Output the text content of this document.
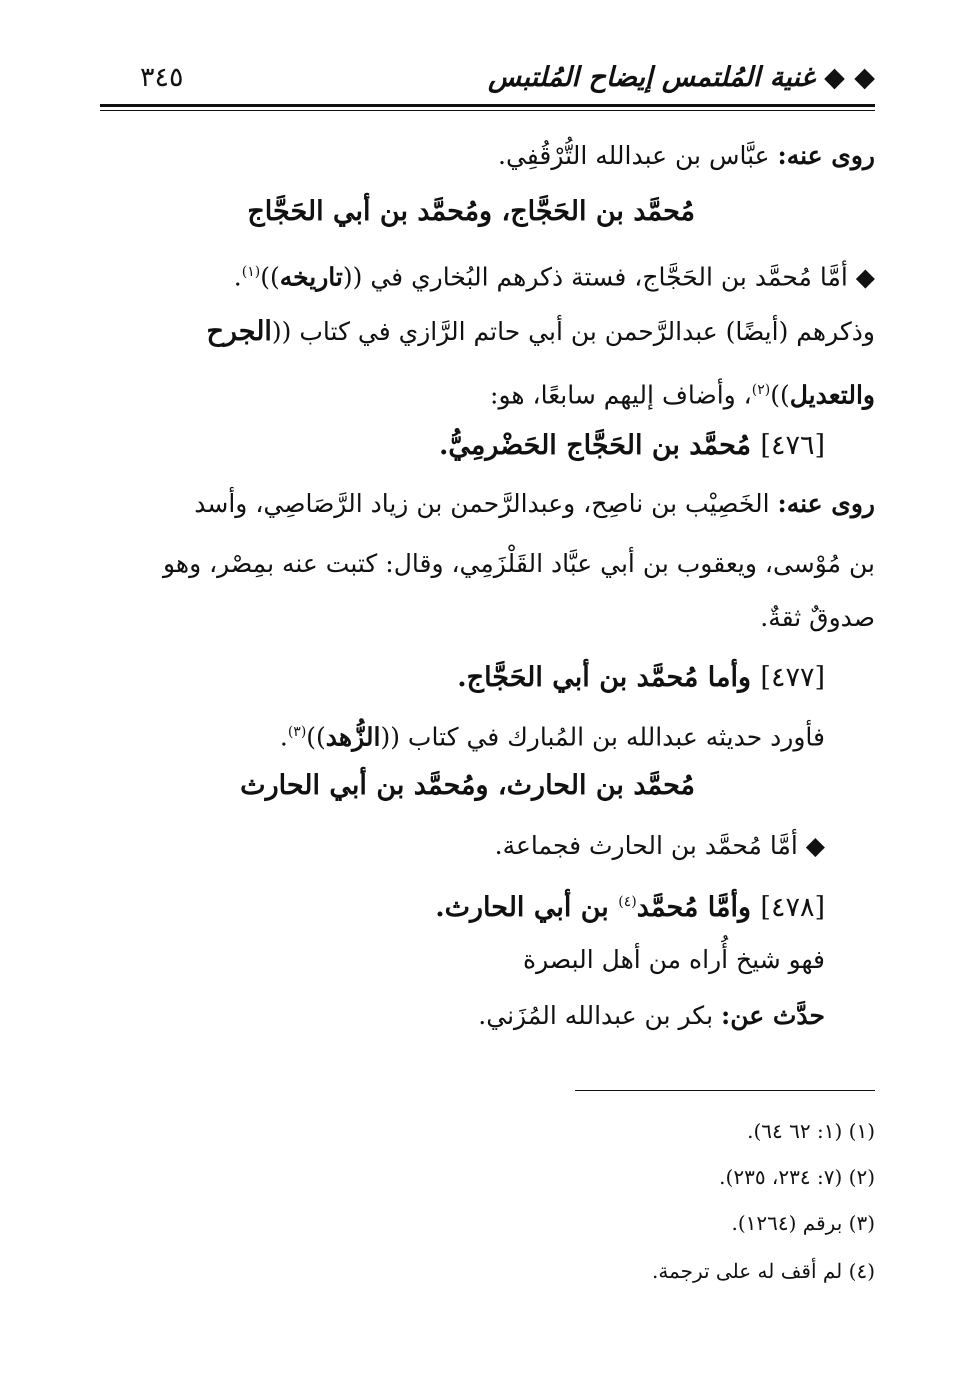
◆ ◆ غنية المُلتمس إيضاح المُلتبس
٣٤٥
روى عنه: عبَّاس بن عبدالله التُّرْقُفِي.
مُحمَّد بن الحَجَّاج، ومُحمَّد بن أبي الحَجَّاج
◆ أمَّا مُحمَّد بن الحَجَّاج، فستة ذكرهم البُخاري في ((تاريخه))$^{(١)}$.
وذكرهم (أيضًا) عبدالرَّحمن بن أبي حاتم الرَّازي في كتاب ((الجرح
والتعديل))$^{(٢)}$، وأضاف إليهم سابعًا، هو:
[٤٧٦] مُحمَّد بن الحَجَّاج الحَضْرمِيُّ.
روى عنه: الخَصِيْب بن ناصِح، وعبدالرَّحمن بن زياد الرَّصَاصِي، وأسد
بن مُوْسى، ويعقوب بن أبي عبَّاد القَلْزَمِي، وقال: كتبت عنه بمِصْر، وهو
صدوقٌ ثقةٌ.
[٤٧٧] وأما مُحمَّد بن أبي الحَجَّاج.
فأورد حديثه عبدالله بن المُبارك في كتاب ((الزُّهد))$^{(٣)}$.
مُحمَّد بن الحارث، ومُحمَّد بن أبي الحارث
◆ أمَّا مُحمَّد بن الحارث فجماعة.
[٤٧٨] وأمَّا مُحمَّد$^{(٤)}$ بن أبي الحارث.
فهو شيخ أُراه من أهل البصرة
حدَّث عن: بكر بن عبدالله المُزَني.
(١) (١: ٦٢ ٦٤).
(٢) (٧: ٢٣٤، ٢٣٥).
(٣) برقم (١٢٦٤).
(٤) لم أقف له على ترجمة.
